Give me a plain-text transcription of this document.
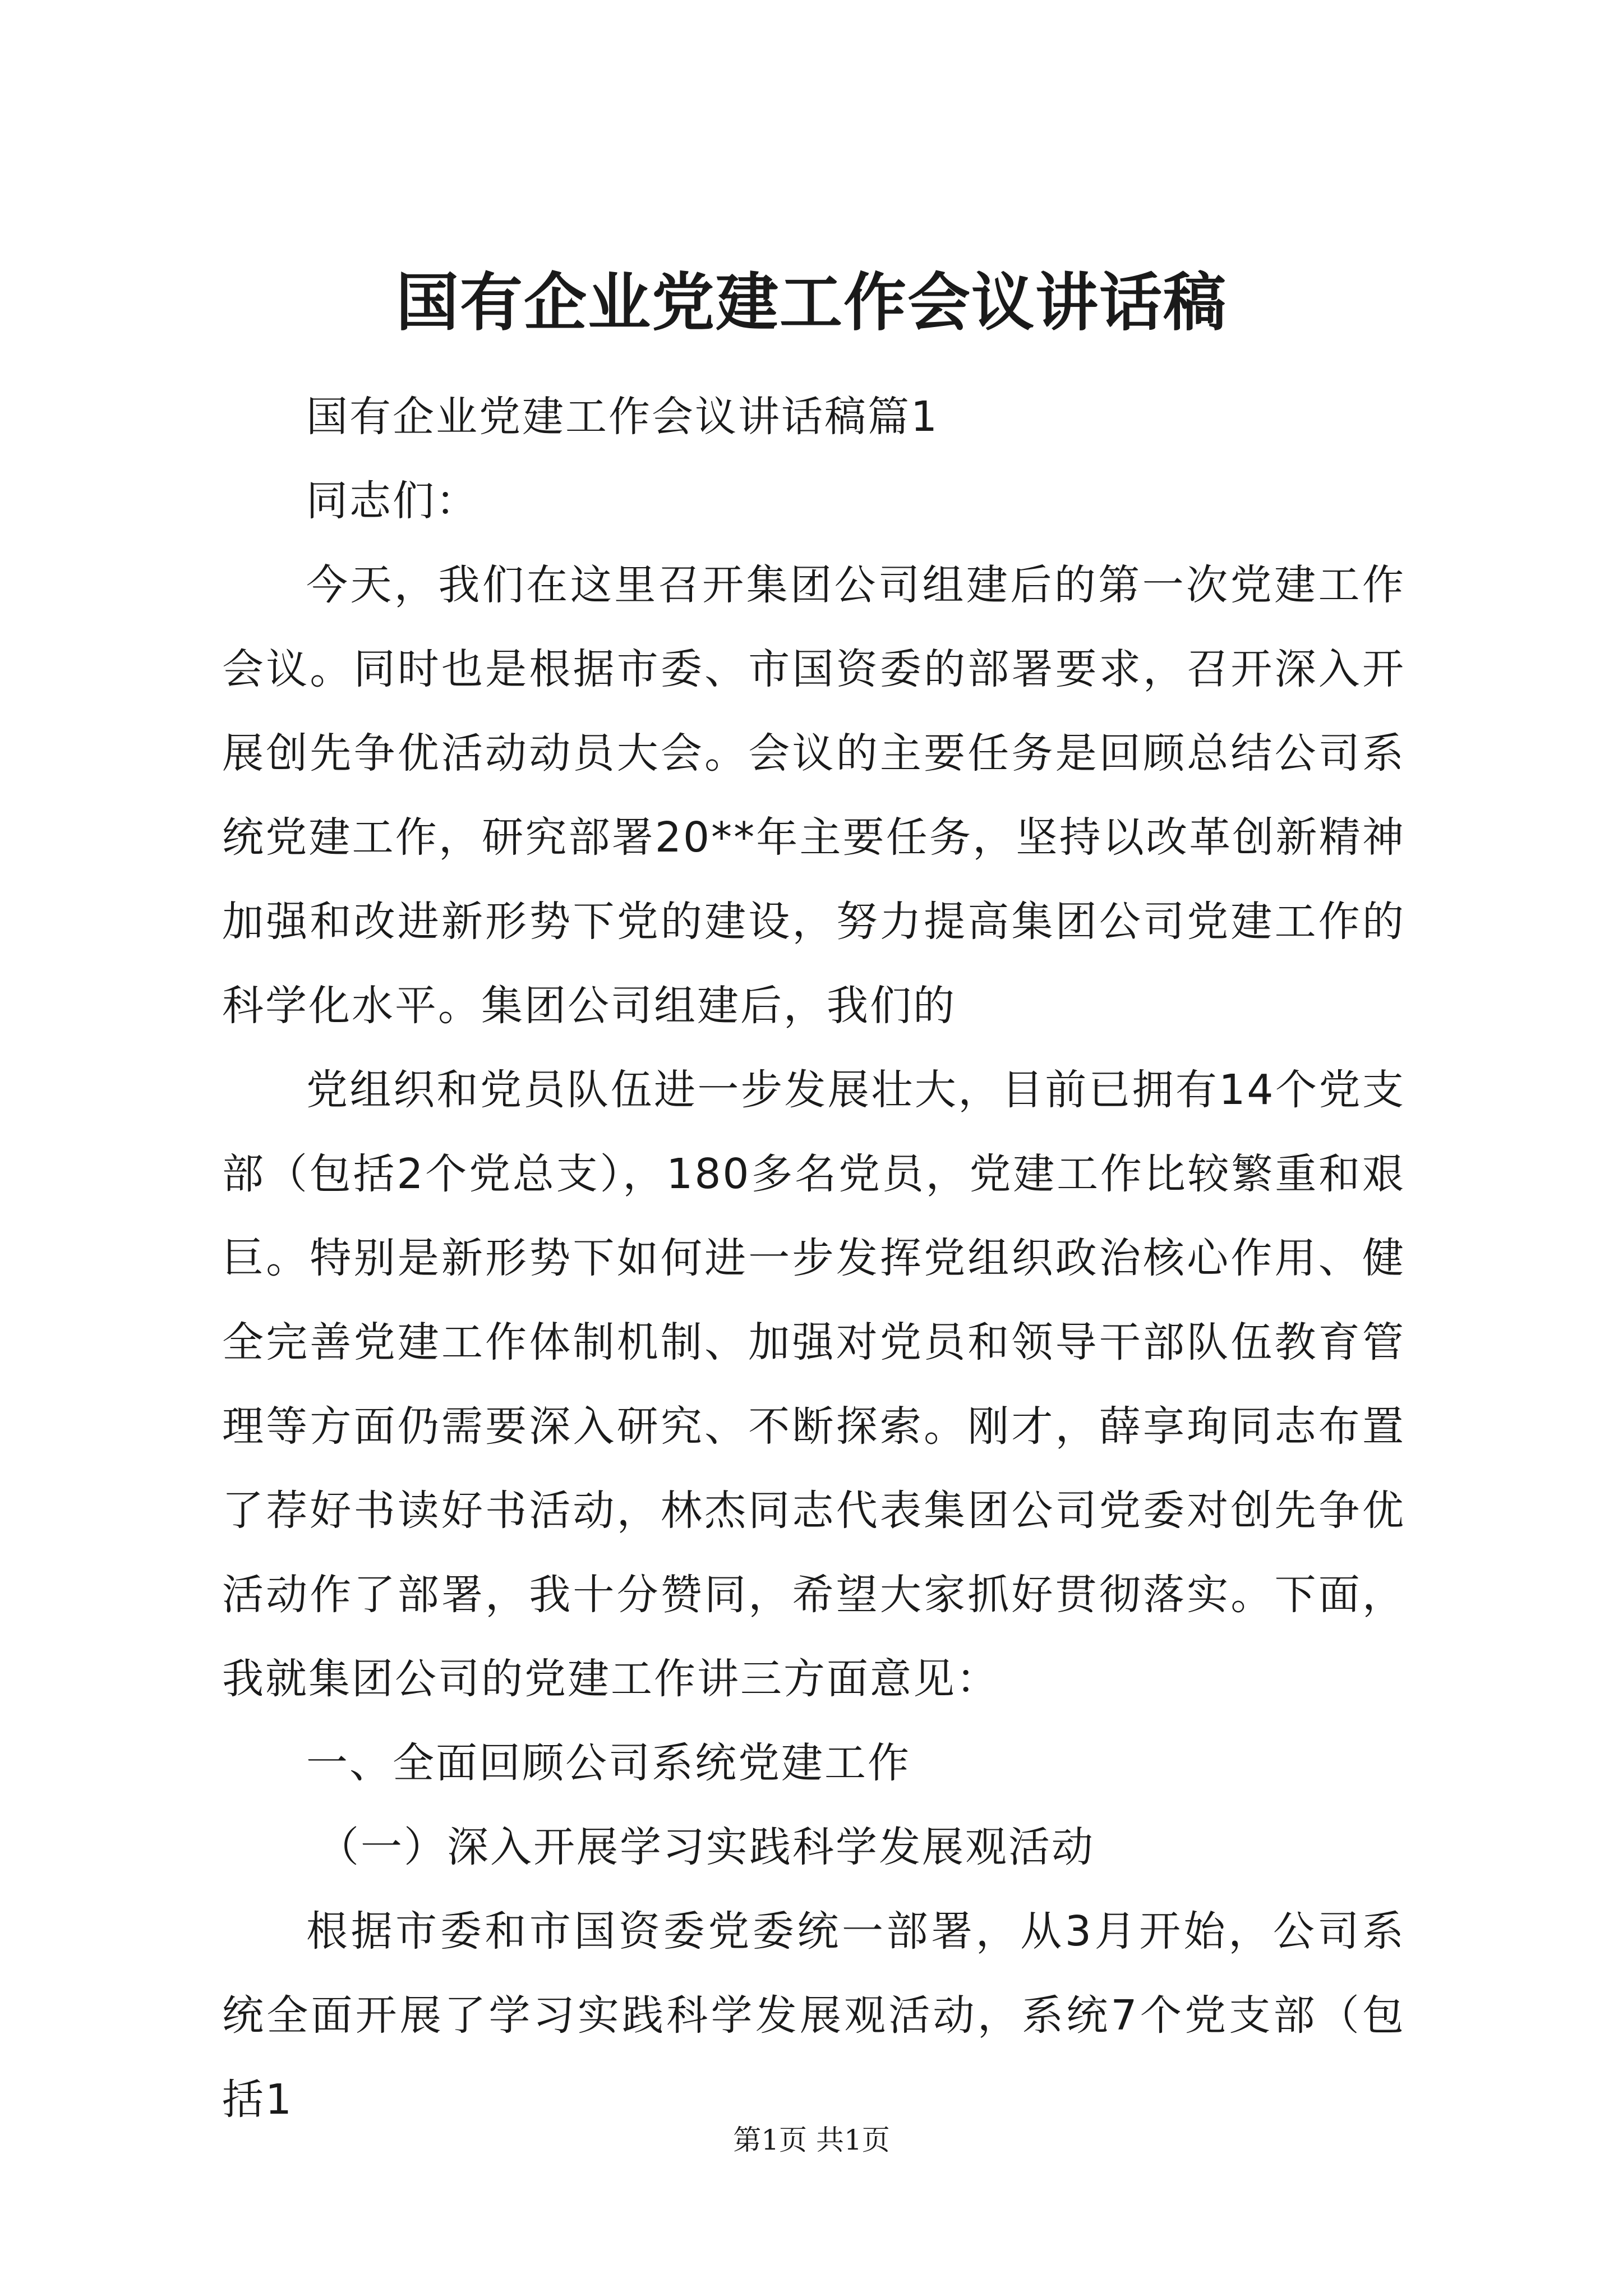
国有企业党建工作会议讲话稿

国有企业党建工作会议讲话稿篇1

同志们：

今天，我们在这里召开集团公司组建后的第一次党建工作会议。同时也是根据市委、市国资委的部署要求，召开深入开展创先争优活动动员大会。会议的主要任务是回顾总结公司系统党建工作，研究部署20**年主要任务，坚持以改革创新精神加强和改进新形势下党的建设，努力提高集团公司党建工作的科学化水平。集团公司组建后，我们的

党组织和党员队伍进一步发展壮大，目前已拥有14个党支部（包括2个党总支），180多名党员，党建工作比较繁重和艰巨。特别是新形势下如何进一步发挥党组织政治核心作用、健全完善党建工作体制机制、加强对党员和领导干部队伍教育管理等方面仍需要深入研究、不断探索。刚才，薛享珣同志布置了荐好书读好书活动，林杰同志代表集团公司党委对创先争优活动作了部署，我十分赞同，希望大家抓好贯彻落实。下面，我就集团公司的党建工作讲三方面意见：

一、全面回顾公司系统党建工作

（一）深入开展学习实践科学发展观活动

根据市委和市国资委党委统一部署，从3月开始，公司系统全面开展了学习实践科学发展观活动，系统7个党支部（包括1

第1页 共1页
